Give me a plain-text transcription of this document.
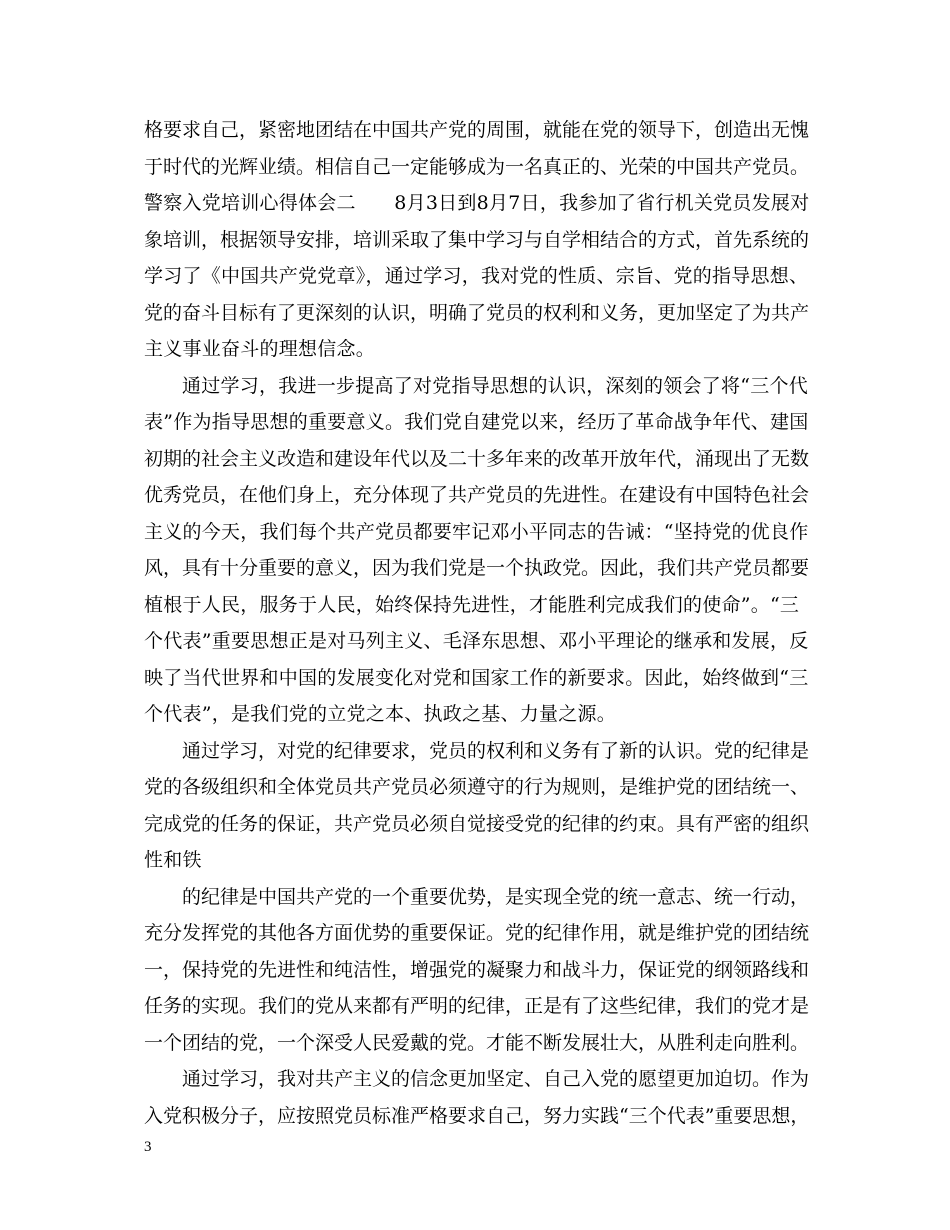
格要求自己，紧密地团结在中国共产党的周围，就能在党的领导下，创造出无愧
于时代的光辉业绩。相信自己一定能够成为一名真正的、光荣的中国共产党员。
警察入党培训心得体会二　　8月3日到8月7日，我参加了省行机关党员发展对
象培训，根据领导安排，培训采取了集中学习与自学相结合的方式，首先系统的
学习了《中国共产党党章》，通过学习，我对党的性质、宗旨、党的指导思想、
党的奋斗目标有了更深刻的认识，明确了党员的权利和义务，更加坚定了为共产
主义事业奋斗的理想信念。
通过学习，我进一步提高了对党指导思想的认识，深刻的领会了将“三个代
表”作为指导思想的重要意义。我们党自建党以来，经历了革命战争年代、建国
初期的社会主义改造和建设年代以及二十多年来的改革开放年代，涌现出了无数
优秀党员，在他们身上，充分体现了共产党员的先进性。在建设有中国特色社会
主义的今天，我们每个共产党员都要牢记邓小平同志的告诫：“坚持党的优良作
风，具有十分重要的意义，因为我们党是一个执政党。因此，我们共产党员都要
植根于人民，服务于人民，始终保持先进性，才能胜利完成我们的使命”。“三
个代表”重要思想正是对马列主义、毛泽东思想、邓小平理论的继承和发展，反
映了当代世界和中国的发展变化对党和国家工作的新要求。因此，始终做到“三
个代表”，是我们党的立党之本、执政之基、力量之源。
通过学习，对党的纪律要求，党员的权利和义务有了新的认识。党的纪律是
党的各级组织和全体党员共产党员必须遵守的行为规则，是维护党的团结统一、
完成党的任务的保证，共产党员必须自觉接受党的纪律的约束。具有严密的组织
性和铁
的纪律是中国共产党的一个重要优势，是实现全党的统一意志、统一行动，
充分发挥党的其他各方面优势的重要保证。党的纪律作用，就是维护党的团结统
一，保持党的先进性和纯洁性，增强党的凝聚力和战斗力，保证党的纲领路线和
任务的实现。我们的党从来都有严明的纪律，正是有了这些纪律，我们的党才是
一个团结的党，一个深受人民爱戴的党。才能不断发展壮大，从胜利走向胜利。
通过学习，我对共产主义的信念更加坚定、自己入党的愿望更加迫切。作为
入党积极分子，应按照党员标准严格要求自己，努力实践“三个代表”重要思想，
3
